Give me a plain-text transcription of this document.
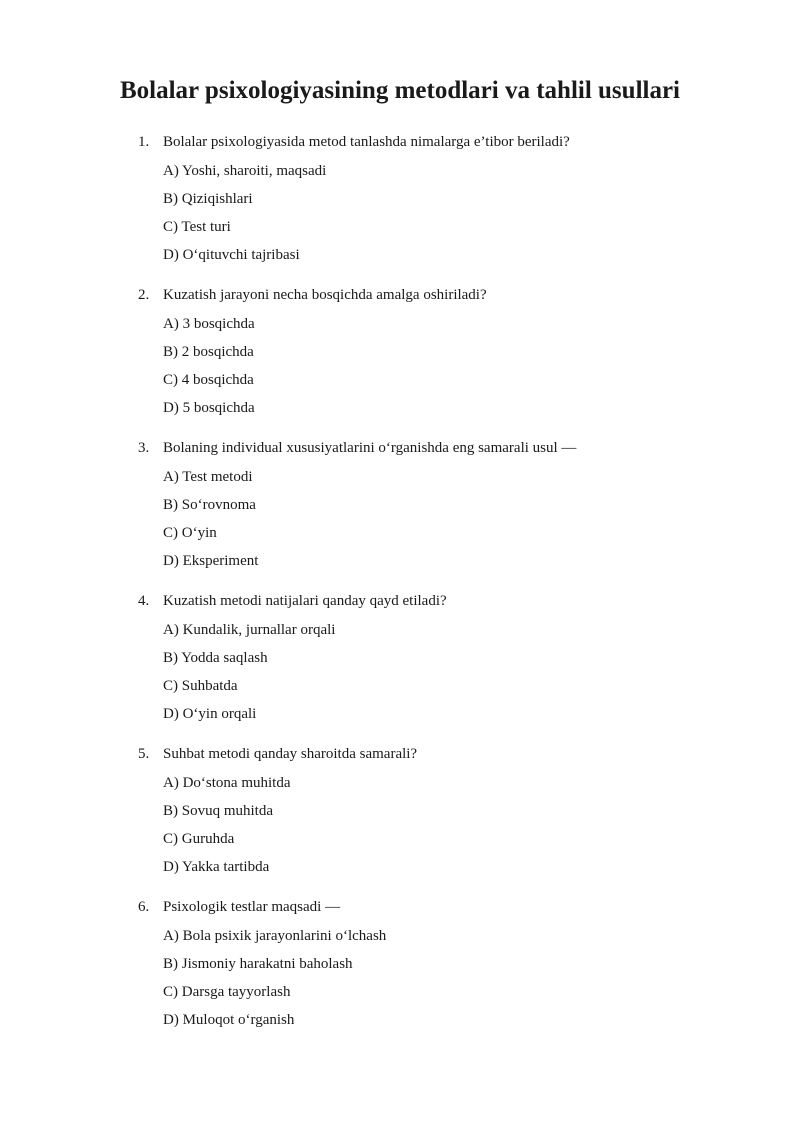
Bolalar psixologiyasining metodlari va tahlil usullari
1. Bolalar psixologiyasida metod tanlashda nimalarga e’tibor beriladi?
A) Yoshi, sharoiti, maqsadi
B) Qiziqishlari
C) Test turi
D) O‘qituvchi tajribasi
2. Kuzatish jarayoni necha bosqichda amalga oshiriladi?
A) 3 bosqichda
B) 2 bosqichda
C) 4 bosqichda
D) 5 bosqichda
3. Bolaning individual xususiyatlarini o‘rganishda eng samarali usul —
A) Test metodi
B) So‘rovnoma
C) O‘yin
D) Eksperiment
4. Kuzatish metodi natijalari qanday qayd etiladi?
A) Kundalik, jurnallar orqali
B) Yodda saqlash
C) Suhbatda
D) O‘yin orqali
5. Suhbat metodi qanday sharoitda samarali?
A) Do‘stona muhitda
B) Sovuq muhitda
C) Guruhda
D) Yakka tartibda
6. Psixologik testlar maqsadi —
A) Bola psixik jarayonlarini o‘lchash
B) Jismoniy harakatni baholash
C) Darsga tayyorlash
D) Muloqot o‘rganish
